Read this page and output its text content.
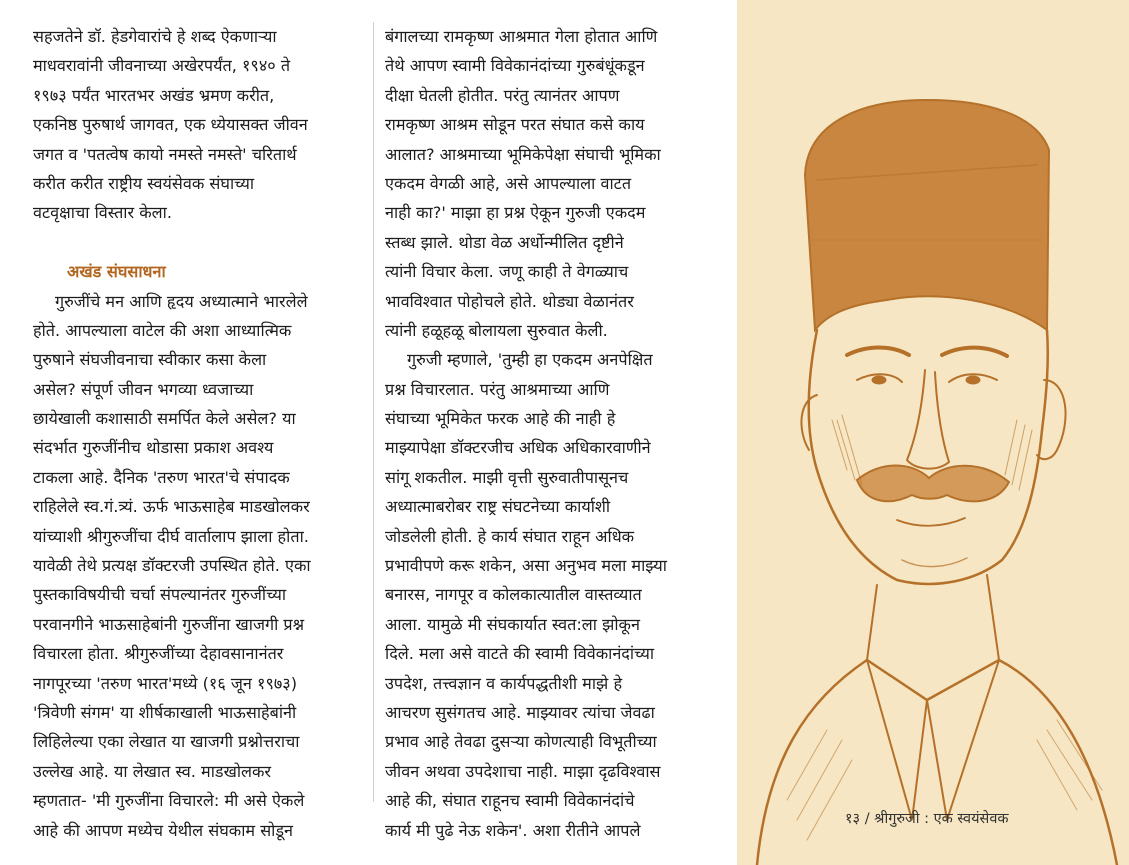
सहजतेने डॉ. हेडगेवारांचे हे शब्द ऐकणाऱ्या
माधवरावांनी जीवनाच्या अखेरपर्यंत, १९४० ते
१९७३ पर्यंत भारतभर अखंड भ्रमण करीत,
एकनिष्ठ पुरुषार्थ जागवत, एक ध्येयासक्त जीवन
जगत व 'पतत्वेष कायो नमस्ते नमस्ते' चरितार्थ
करीत करीत राष्ट्रीय स्वयंसेवक संघाच्या
वटवृक्षाचा विस्तार केला.
अखंड संघसाधना
गुरुजींचे मन आणि हृदय अध्यात्माने भारलेले
होते. आपल्याला वाटेल की अशा आध्यात्मिक
पुरुषाने संघजीवनाचा स्वीकार कसा केला
असेल? संपूर्ण जीवन भगव्या ध्वजाच्या
छायेखाली कशासाठी समर्पित केले असेल? या
संदर्भात गुरुजींनीच थोडासा प्रकाश अवश्य
टाकला आहे. दैनिक 'तरुण भारत'चे संपादक
राहिलेले स्व.गं.त्र्यं. ऊर्फ भाऊसाहेब माडखोलकर
यांच्याशी श्रीगुरुजींचा दीर्घ वार्तालाप झाला होता.
यावेळी तेथे प्रत्यक्ष डॉक्टरजी उपस्थित होते. एका
पुस्तकाविषयीची चर्चा संपल्यानंतर गुरुजींच्या
परवानगीने भाऊसाहेबांनी गुरुजींना खाजगी प्रश्न
विचारला होता. श्रीगुरुजींच्या देहावसानानंतर
नागपूरच्या 'तरुण भारत'मध्ये (१६ जून १९७३)
'त्रिवेणी संगम' या शीर्षकाखाली भाऊसाहेबांनी
लिहिलेल्या एका लेखात या खाजगी प्रश्नोत्तराचा
उल्लेख आहे. या लेखात स्व. माडखोलकर
म्हणतात- 'मी गुरुजींना विचारले: मी असे ऐकले
आहे की आपण मध्येच येथील संघकाम सोडून
बंगालच्या रामकृष्ण आश्रमात गेला होतात आणि
तेथे आपण स्वामी विवेकानंदांच्या गुरुबंधूंकडून
दीक्षा घेतली होतीत. परंतु त्यानंतर आपण
रामकृष्ण आश्रम सोडून परत संघात कसे काय
आलात? आश्रमाच्या भूमिकेपेक्षा संघाची भूमिका
एकदम वेगळी आहे, असे आपल्याला वाटत
नाही का?' माझा हा प्रश्न ऐकून गुरुजी एकदम
स्तब्ध झाले. थोडा वेळ अर्धोन्मीलित दृष्टीने
त्यांनी विचार केला. जणू काही ते वेगळ्याच
भावविश्वात पोहोचले होते. थोड्या वेळानंतर
त्यांनी हळूहळू बोलायला सुरुवात केली.
गुरुजी म्हणाले, 'तुम्ही हा एकदम अनपेक्षित
प्रश्न विचारलात. परंतु आश्रमाच्या आणि
संघाच्या भूमिकेत फरक आहे की नाही हे
माझ्यापेक्षा डॉक्टरजीच अधिक अधिकारवाणीने
सांगू शकतील. माझी वृत्ती सुरुवातीपासूनच
अध्यात्माबरोबर राष्ट्र संघटनेच्या कार्याशी
जोडलेली होती. हे कार्य संघात राहून अधिक
प्रभावीपणे करू शकेन, असा अनुभव मला माझ्या
बनारस, नागपूर व कोलकात्यातील वास्तव्यात
आला. यामुळे मी संघकार्यात स्वत:ला झोकून
दिले. मला असे वाटते की स्वामी विवेकानंदांच्या
उपदेश, तत्त्वज्ञान व कार्यपद्धतीशी माझे हे
आचरण सुसंगतच आहे. माझ्यावर त्यांचा जेवढा
प्रभाव आहे तेवढा दुसऱ्या कोणत्याही विभूतीच्या
जीवन अथवा उपदेशाचा नाही. माझा दृढविश्वास
आहे की, संघात राहूनच स्वामी विवेकानंदांचे
कार्य मी पुढे नेऊ शकेन'. अशा रीतीने आपले
१३ / श्रीगुरुजी : एक स्वयंसेवक
